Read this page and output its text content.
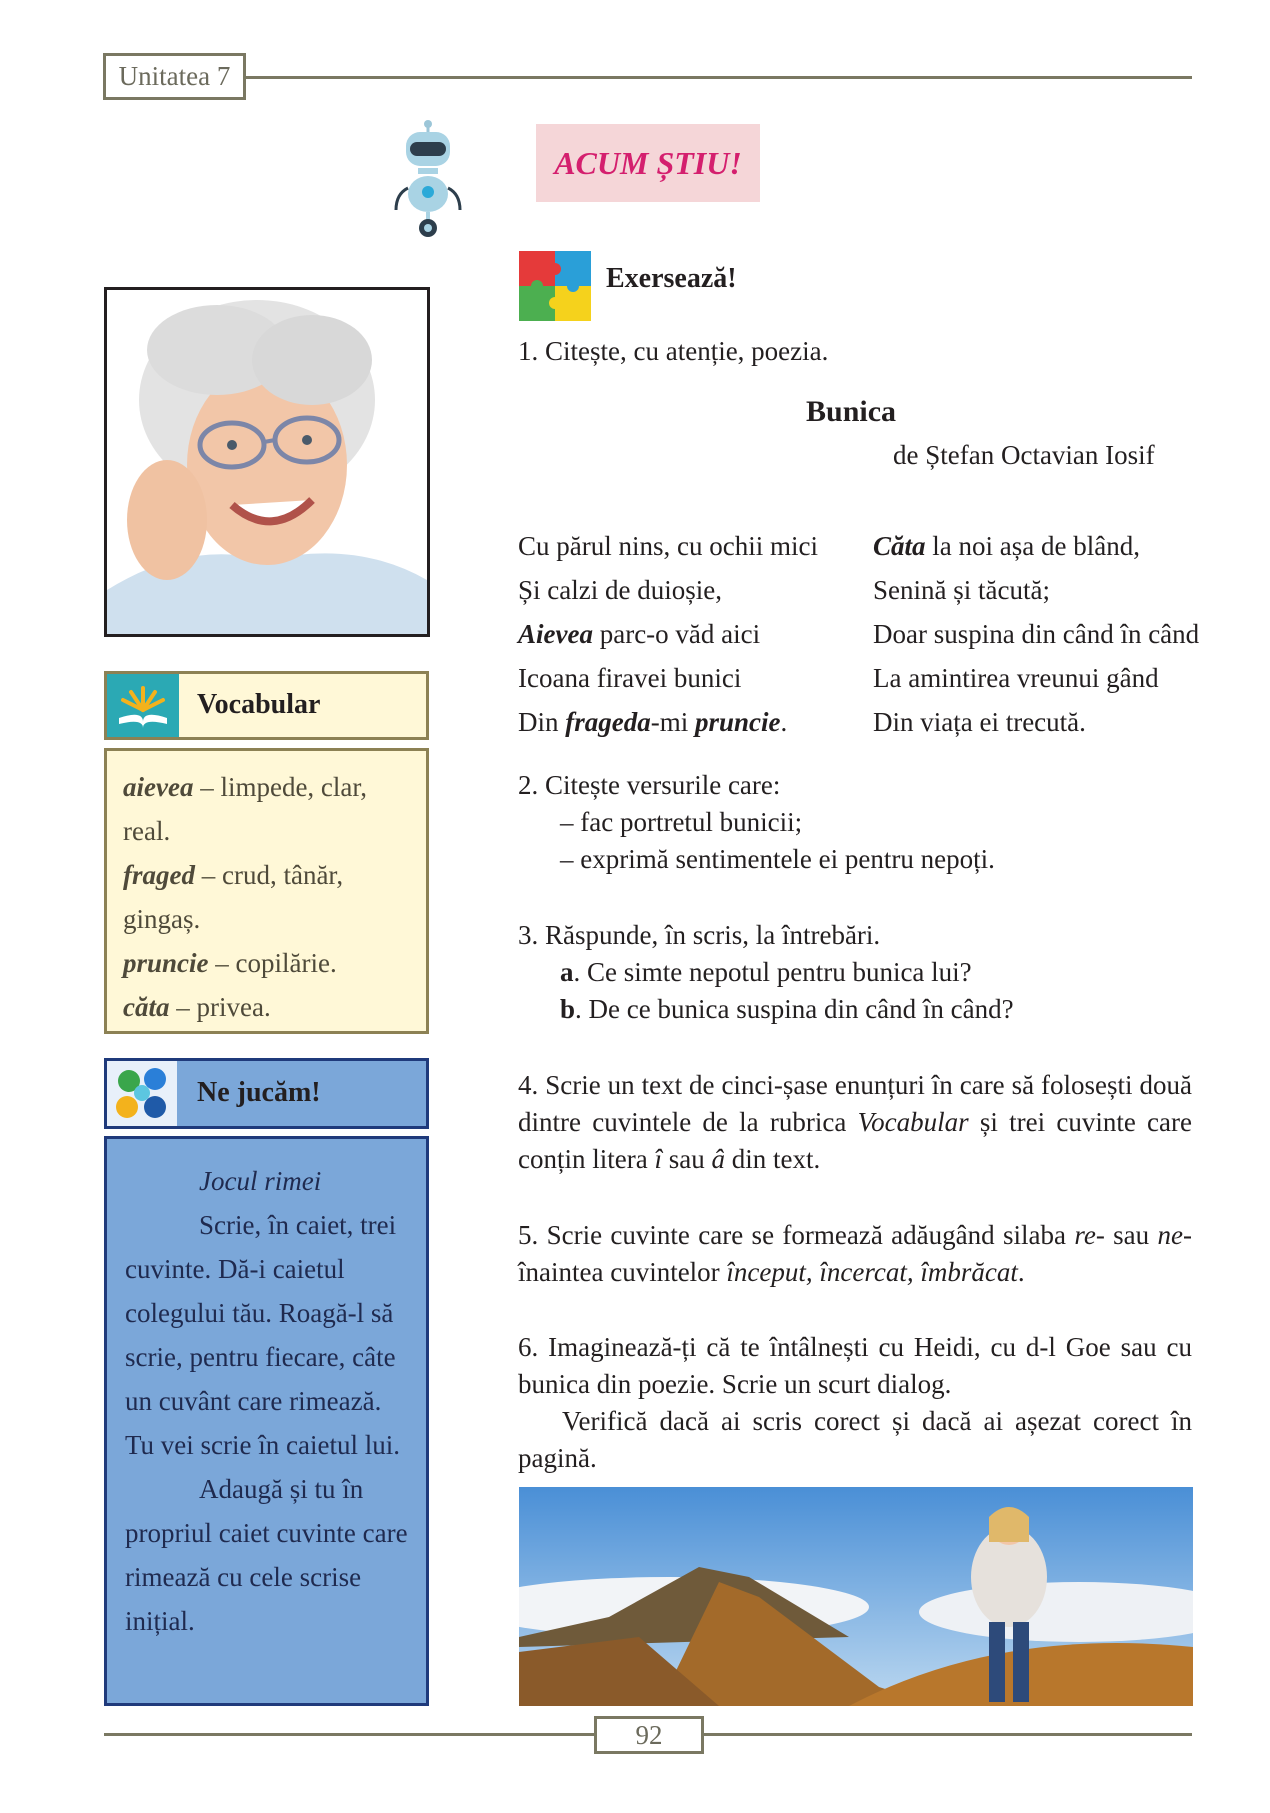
Unitatea 7
ACUM ȘTIU!
Exersează!
1. Citește, cu atenție, poezia.
Bunica
de Ștefan Octavian Iosif
Cu părul nins, cu ochii mici
Și calzi de duioșie,
Aievea parc-o văd aici
Icoana firavei bunici
Din frageda-mi pruncie.
Căta la noi așa de blând,
Senină și tăcută;
Doar suspina din când în când
La amintirea vreunui gând
Din viața ei trecută.
2. Citește versurile care:
– fac portretul bunicii;
– exprimă sentimentele ei pentru nepoți.
3. Răspunde, în scris, la întrebări.
a. Ce simte nepotul pentru bunica lui?
b. De ce bunica suspina din când în când?
4. Scrie un text de cinci-șase enunțuri în care să folosești două dintre cuvintele de la rubrica Vocabular și trei cuvinte care conțin litera î sau â din text.
5. Scrie cuvinte care se formează adăugând silaba re- sau ne- înaintea cuvintelor început, încercat, îmbrăcat.
6. Imaginează-ți că te întâlnești cu Heidi, cu d-l Goe sau cu bunica din poezie. Scrie un scurt dialog.
Verifică dacă ai scris corect și dacă ai așezat corect în pagină.
Vocabular
aievea – limpede, clar, real.
fraged – crud, tânăr, gingaș.
pruncie – copilărie.
căta – privea.
Ne jucăm!
Jocul rimei
Scrie, în caiet, trei cuvinte. Dă-i caietul colegului tău. Roagă-l să scrie, pentru fiecare, câte un cuvânt care rimează. Tu vei scrie în caietul lui.
Adaugă și tu în propriul caiet cuvinte care rimează cu cele scrise inițial.
92
